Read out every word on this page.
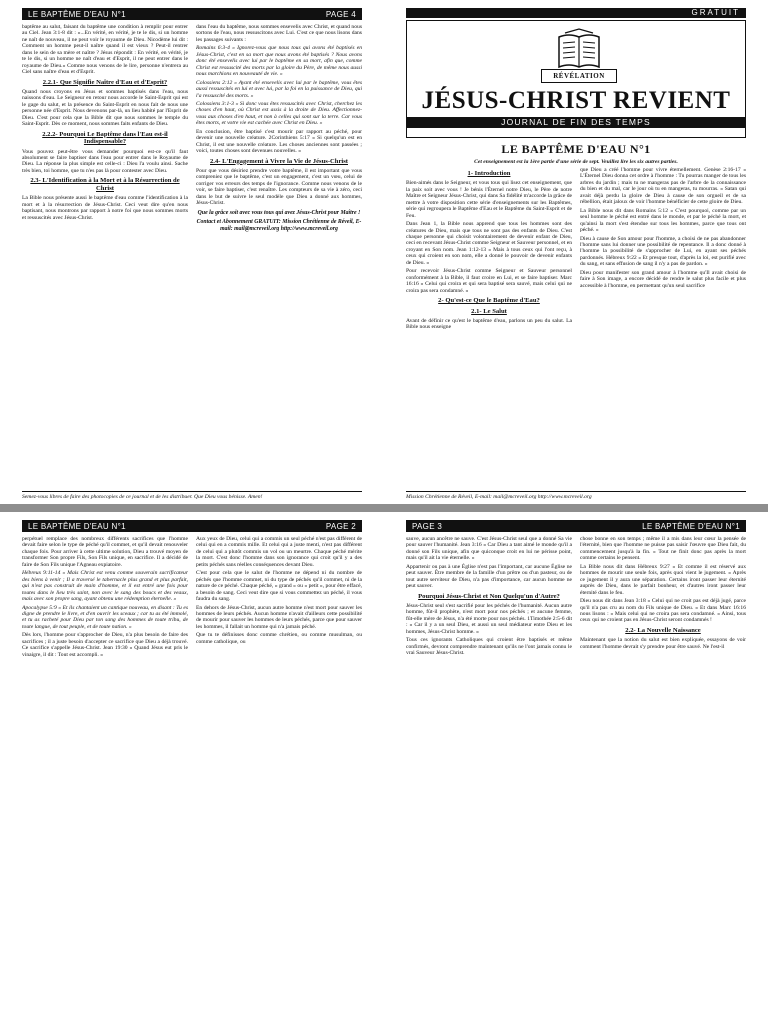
LE BAPTÊME D'EAU N°1	PAGE 4

baptême au salut, faisant du baptême une condition à remplir pour entrer au Ciel. Jean 3:1-8 dit : «...En vérité, en vérité, je te le dis, si un homme ne naît de nouveau, il ne peut voir le royaume de Dieu. Nicodème lui dit : Comment un homme peut-il naître quand il est vieux ? Peut-il rentrer dans le sein de sa mère et naître ? Jésus répondit : En vérité, en vérité, je te le dis, si un homme ne naît d'eau et d'Esprit, il ne peut entrer dans le royaume de Dieu.» Comme nous venons de le lire, personne n'entrera au Ciel sans naître d'eau et d'Esprit.

2.2.1- Que Signifie Naître d'Eau et d'Esprit?

Quand nous croyons en Jésus et sommes baptisés dans l'eau, nous naissons d'eau. Le Seigneur en retour nous accorde le Saint-Esprit qui est le gage du salut, et la présence du Saint-Esprit en nous fait de nous une personne née d'Esprit. Nous devenons par-là, un lieu habité par l'Esprit de Dieu. C'est pour cela que la Bible dit que nous sommes le temple du Saint-Esprit. Dès ce moment, nous sommes faits enfants de Dieu.

2.2.2- Pourquoi Le Baptême dans l'Eau est-il Indispensable?

Vous pouvez peut-être vous demander pourquoi est-ce qu'il faut absolument se faire baptiser dans l'eau pour entrer dans le Royaume de Dieu. La réponse la plus simple est celle-ci : Dieu l'a voulu ainsi. Sache très bien, toi homme, que tu n'es pas là pour contester avec Dieu.

2.3- L'Identification à la Mort et à la Résurrection de Christ

La Bible nous présente aussi le baptême d'eau comme l'identification à la mort et à la résurrection de Jésus-Christ. Ceci veut dire qu'en nous baptisant, nous montrons par rapport à notre foi que nous sommes morts et ressuscités avec Jésus-Christ.

dans l'eau du baptême, nous sommes ensevelis avec Christ, et quand nous sortons de l'eau, nous ressuscitons avec Lui. C'est ce que nous lisons dans les passages suivants :

Romains 6:3-4 « Ignorez-vous que nous tous qui avons été baptisés en Jésus-Christ, c'est en sa mort que nous avons été baptisés ? Nous avons donc été ensevelis avec lui par le baptême en sa mort, afin que, comme Christ est ressuscité des morts par la gloire du Père, de même nous aussi nous marchions en nouveauté de vie. »

Colossiens 2:12 « Ayant été ensevelis avec lui par le baptême, vous êtes aussi ressuscités en lui et avec lui, par la foi en la puissance de Dieu, qui l'a ressuscité des morts. »

Colossiens 3:1-3 « Si donc vous êtes ressuscités avec Christ, cherchez les choses d'en haut, où Christ est assis à la droite de Dieu. Affectionnez-vous aux choses d'en haut, et non à celles qui sont sur la terre. Car vous êtes morts, et votre vie est cachée avec Christ en Dieu. »

En conclusion, être baptisé c'est mourir par rapport au péché, pour devenir une nouvelle créature. 2Corinthiens 5:17 « Si quelqu'un est en Christ, il est une nouvelle créature. Les choses anciennes sont passées ; voici, toutes choses sont devenues nouvelles. »

2.4- L'Engagement à Vivre la Vie de Jésus-Christ

Pour que vous désiriez prendre votre baptême, il est important que vous compreniez que le baptême, c'est un engagement, c'est un vœu, celui de corriger vos erreurs des temps de l'ignorance. Comme nous venons de le voir, se faire baptiser, c'est renaître. Les compteurs de sa vie à zéro, ceci dans le but de suivre le seul modèle que Dieu a donné aux hommes, Jésus-Christ.

Que la grâce soit avec vous tous qui avez Jésus-Christ pour Maître !

Contact et Abonnement GRATUIT: Mission Chrétienne de Réveil, E-mail: mail@mcreveil.org http://www.mcreveil.org

Semez-vous libres de faire des photocopies de ce journal et de les distribuer. Que Dieu vous bénisse. Amen!
GRATUIT
RÉVÉLATION
JÉSUS-CHRIST REVIENT
JOURNAL DE FIN DES TEMPS
LE BAPTÊME D'EAU N°1
Cet enseignement est la 1ère partie d'une série de sept. Veuillez lire les six autres parties.
1- Introduction

Bien-aimés dans le Seigneur, et vous tous qui lisez cet enseignement, que la paix soit avec vous ! Je bénis l'Éternel notre Dieu, le Père de notre Maître et Seigneur Jésus-Christ, qui dans Sa fidélité m'accorde la grâce de mettre à votre disposition cette série d'enseignements sur les Baptêmes, série qui regroupera le Baptême d'Eau et le Baptême du Saint-Esprit et de Feu.

Dans Jean 1, la Bible nous apprend que tous les hommes sont des créatures de Dieu, mais que tous ne sont pas des enfants de Dieu. C'est chaque personne qui choisit volontairement de devenir enfant de Dieu, ceci en recevant Jésus-Christ comme Seigneur et Sauveur personnel, et en croyant en Son nom. Jean 1:12-13 « Mais à tous ceux qui l'ont reçu, à ceux qui croient en son nom, elle a donné le pouvoir de devenir enfants de Dieu. »

Pour recevoir Jésus-Christ comme Seigneur et Sauveur personnel conformément à la Bible, il faut croire en Lui, et se faire baptiser. Marc 16:16 « Celui qui croira et qui sera baptisé sera sauvé, mais celui qui ne croira pas sera condamné. »

2- Qu'est-ce Que le Baptême d'Eau?
2.1- Le Salut

Avant de définir ce qu'est le baptême d'eau, parlons un peu du salut. La Bible nous enseigne

que Dieu a créé l'homme pour vivre éternellement. Genèse 2:16-17 « L'Éternel Dieu donna cet ordre à l'homme : Tu pourras manger de tous les arbres du jardin ; mais tu ne mangeras pas de l'arbre de la connaissance du bien et du mal, car le jour où tu en mangeras, tu mourras. » Satan qui avait déjà perdu la gloire de Dieu à cause de son orgueil et de sa rébellion, était jaloux de voir l'homme bénéficier de cette gloire de Dieu.

La Bible nous dit dans Romains 5:12 « C'est pourquoi, comme par un seul homme le péché est entré dans le monde, et par le péché la mort, et qu'ainsi la mort s'est étendue sur tous les hommes, parce que tous ont péché. »

Dieu à cause de Son amour pour l'homme, a choisi de ne pas abandonner l'homme sans lui donner une possibilité de repentance. Il a donc donné à l'homme la possibilité de s'approcher de Lui, en ayant ses péchés pardonnés. Hébreux 9:22 « Et presque tout, d'après la loi, est purifié avec du sang, et sans effusion de sang il n'y a pas de pardon. »

Dieu pour manifester son grand amour à l'homme qu'Il avait choisi de faire à Son image, a encore décidé de rendre le salut plus facile et plus accessible à l'homme, en permettant qu'un seul sacrifice

Mission Chrétienne de Réveil, E-mail: mail@mcreveil.org http://www.mcreveil.org
LE BAPTÊME D'EAU N°1	PAGE 2

perpétuel remplace des nombreux différents sacrifices que l'homme devait faire selon le type de péché qu'il commet, et qu'il devait renouveler chaque fois. Pour arriver à cette ultime solution, Dieu a trouvé moyen de transformer Son propre Fils, Son Fils unique, en sacrifice. Il a décidé de faire de Son Fils unique l'Agneau expiatoire.

Hébreux 9:11-14 « Mais Christ est venu comme souverain sacrificateur des biens à venir ; Il a traversé le tabernacle plus grand et plus parfait, qui n'est pas construit de main d'homme, et il est entré une fois pour toutes dans le lieu très saint, non avec le sang des boucs et des veaux, mais avec son propre sang, ayant obtenu une rédemption éternelle. »

Apocalypse 5:9 « Et ils chantaient un cantique nouveau, en disant : Tu es digne de prendre le livre, et d'en ouvrir les sceaux ; car tu as été immolé, et tu as racheté pour Dieu par ton sang des hommes de toute tribu, de toute langue, de tout peuple, et de toute nation. »

Dès lors, l'homme pour s'approcher de Dieu, n'a plus besoin de faire des sacrifices ; il a juste besoin d'accepter ce sacrifice que Dieu a déjà trouvé. Ce sacrifice s'appelle Jésus-Christ. Jean 19:30 « Quand Jésus eut pris le vinaigre, il dit : Tout est accompli. »

Aux yeux de Dieu, celui qui a commis un seul péché n'est pas différent de celui qui en a commis mille. Et celui qui a juste menti, n'est pas différent de celui qui a plutôt commis un vol ou un meurtre. Chaque péché mérite la mort. C'est donc l'homme dans son ignorance qui croit qu'il y a des petits péchés sans réelles conséquences devant Dieu.

C'est pour cela que le salut de l'homme ne dépend ni du nombre de péchés que l'homme commet, ni du type de péchés qu'il commet, ni de la nature de ce péché. Chaque péché, « grand » ou « petit », pour être effacé, a besoin de sang. Ceci veut dire que si vous commettez un péché, il vous faudra du sang.

En dehors de Jésus-Christ, aucun autre homme n'est mort pour sauver les hommes de leurs péchés. Aucun homme n'avait d'ailleurs cette possibilité de mourir pour sauver les hommes de leurs péchés, parce que pour sauver les hommes, il fallait un homme qui n'a jamais péché.

Que tu te définisses donc comme chrétien, ou comme musulman, ou comme catholique, ou

PAGE 3	LE BAPTÊME D'EAU N°1

sauve, aucun ancêtre ne sauve. C'est Jésus-Christ seul que a donné Sa vie pour sauver l'humanité. Jean 3:16 « Car Dieu a tant aimé le monde qu'il a donné son Fils unique, afin que quiconque croit en lui ne périsse point, mais qu'il ait la vie éternelle. »

Appartenir ou pas à une Église n'est pas l'important, car aucune Église ne peut sauver. Être membre de la famille d'un prêtre ou d'un pasteur, ou de tout autre serviteur de Dieu, n'a pas d'importance, car aucun homme ne peut sauver.

Pourquoi Jésus-Christ et Non Quelqu'un d'Autre?

Jésus-Christ seul s'est sacrifié pour les péchés de l'humanité. Aucun autre homme, fût-il prophète, n'est mort pour nos péchés ; et aucune femme, fût-elle mère de Jésus, n'a été morte pour nos péchés. 1Timothée 2:5-6 dit : « Car il y a un seul Dieu, et aussi un seul médiateur entre Dieu et les hommes, Jésus-Christ homme. »

Tous ces ignorants Catholiques qui croient être baptisés et même confirmés, devront comprendre maintenant qu'ils ne l'ont jamais connu le vrai Sauveur Jésus-Christ.

chose bonne en son temps ; même il a mis dans leur cœur la pensée de l'éternité, bien que l'homme ne puisse pas saisir l'œuvre que Dieu fait, du commencement jusqu'à la fin. » Tout ne finit donc pas après la mort comme certains le pensent.

La Bible nous dit dans Hébreux 9:27 « Et comme il est réservé aux hommes de mourir une seule fois, après quoi vient le jugement. » Après ce jugement il y aura une séparation. Certains iront passer leur éternité auprès de Dieu, dans le parfait bonheur, et d'autres iront passer leur éternité dans le feu.

Dieu nous dit dans Jean 3:18 « Celui qui ne croit pas est déjà jugé, parce qu'il n'a pas cru au nom du Fils unique de Dieu. » Et dans Marc 16:16 nous lisons : « Mais celui qui ne croira pas sera condamné. » Ainsi, tous ceux qui ne croient pas en Jésus-Christ seront condamnés !

2.2- La Nouvelle Naissance

Maintenant que la notion du salut est bien expliquée, essayons de voir comment l'homme devrait s'y prendre pour être sauvé. Ne l'est-il
